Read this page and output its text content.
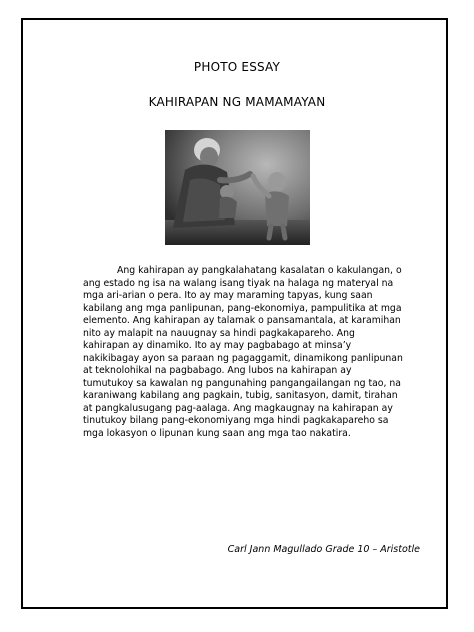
PHOTO ESSAY
KAHIRAPAN NG MAMAMAYAN

Ang kahirapan ay pangkalahatang kasalatan o kakulangan, o ang estado ng isa na walang isang tiyak na halaga ng materyal na mga ari-arian o pera. Ito ay may maraming tapyas, kung saan kabilang ang mga panlipunan, pang-ekonomiya, pampulitika at mga elemento. Ang kahirapan ay talamak o pansamantala, at karamihan nito ay malapit na nauugnay sa hindi pagkakapareho. Ang kahirapan ay dinamiko. Ito ay may pagbabago at minsa’y nakikibagay ayon sa paraan ng pagaggamit, dinamikong panlipunan at teknolohikal na pagbabago. Ang lubos na kahirapan ay tumutukoy sa kawalan ng pangunahing pangangailangan ng tao, na karaniwang kabilang ang pagkain, tubig, sanitasyon, damit, tirahan at pangkalusugang pag-aalaga. Ang magkaugnay na kahirapan ay tinutukoy bilang pang-ekonomiyang mga hindi pagkakapareho sa mga lokasyon o lipunan kung saan ang mga tao nakatira.

Carl Jann Magullado Grade 10 – Aristotle
